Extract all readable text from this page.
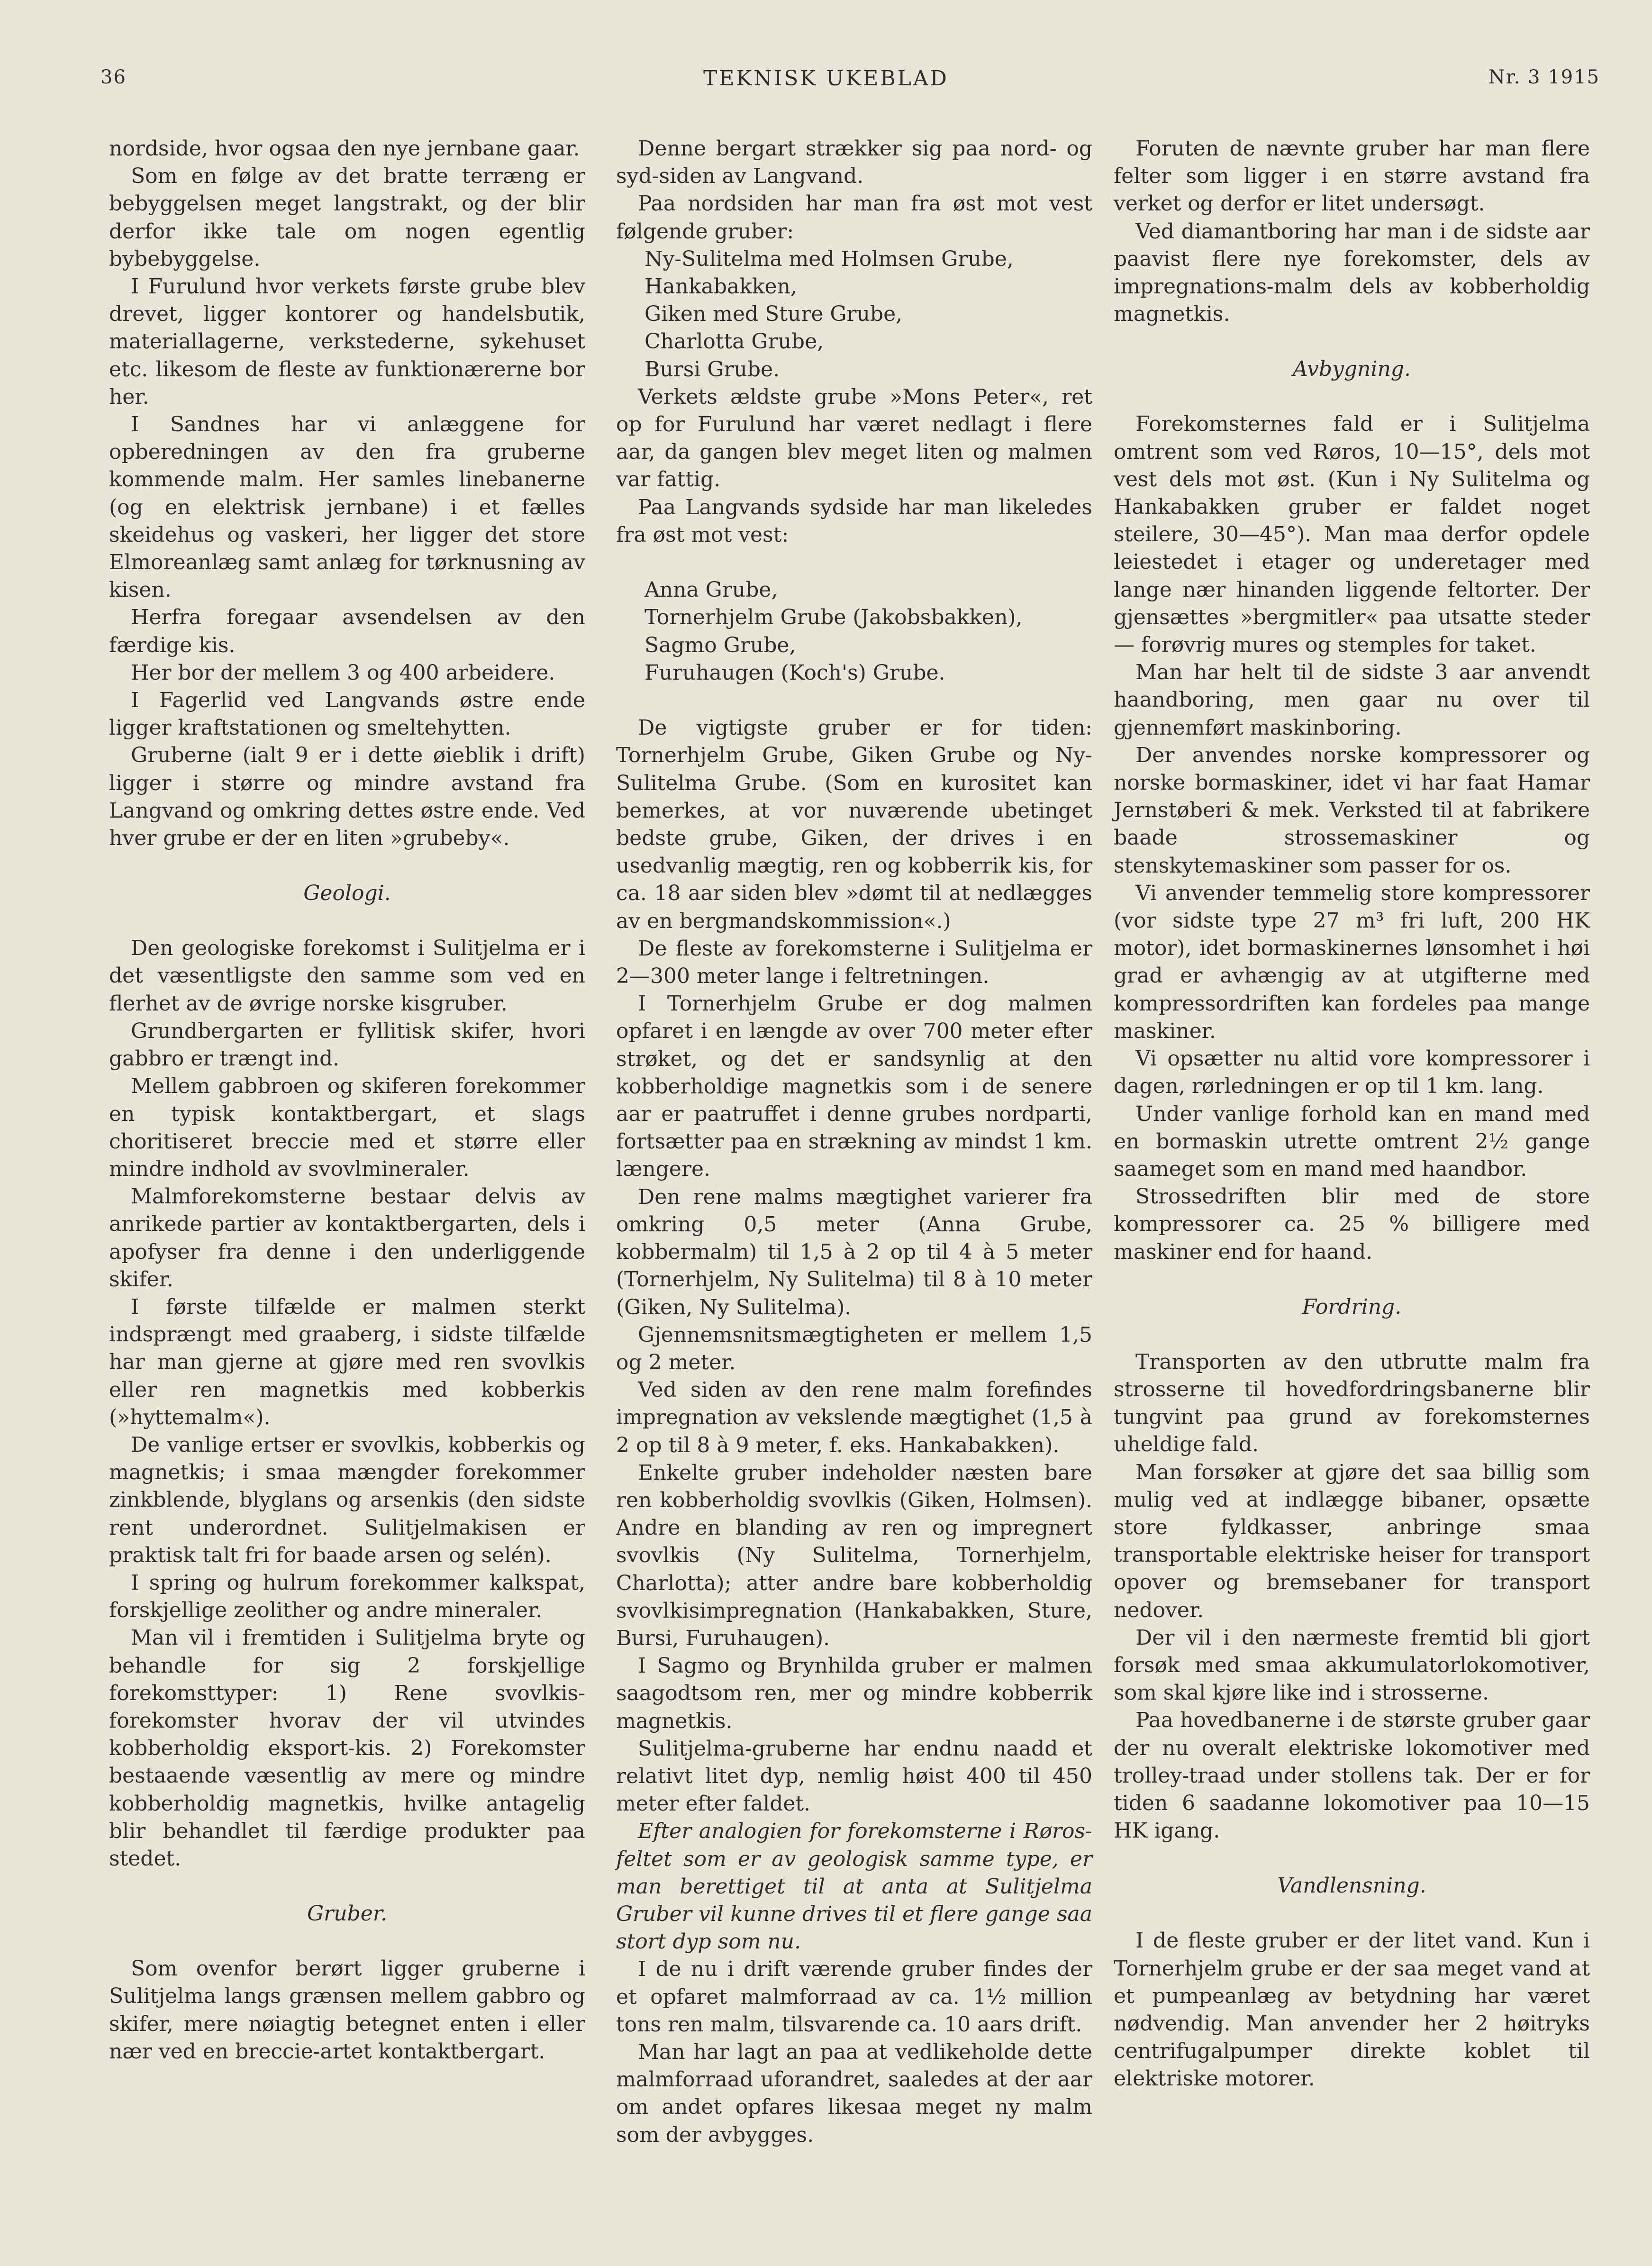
36	TEKNISK UKEBLAD	Nr. 3 1915

nordside, hvor ogsaa den nye jernbane gaar.

Som en følge av det bratte terræng er bebyggelsen meget langstrakt, og der blir derfor ikke tale om nogen egentlig bybebyggelse.

I Furulund hvor verkets første grube blev drevet, ligger kontorer og handelsbutik, materiallagerne, verkstederne, sykehuset etc. likesom de fleste av funktionærerne bor her.

I Sandnes har vi anlæggene for opberedningen av den fra gruberne kommende malm. Her samles linebanerne (og en elektrisk jernbane) i et fælles skeidehus og vaskeri, her ligger det store Elmoreanlæg samt anlæg for tørknusning av kisen.

Herfra foregaar avsendelsen av den færdige kis.

Her bor der mellem 3 og 400 arbeidere.

I Fagerlid ved Langvands østre ende ligger kraftstationen og smeltehytten.

Gruberne (ialt 9 er i dette øieblik i drift) ligger i større og mindre avstand fra Langvand og omkring dettes østre ende. Ved hver grube er der en liten »grubeby«.

Geologi.

Den geologiske forekomst i Sulitjelma er i det væsentligste den samme som ved en flerhet av de øvrige norske kisgruber.

Grundbergarten er fyllitisk skifer, hvori gabbro er trængt ind.

Mellem gabbroen og skiferen forekommer en typisk kontaktbergart, et slags choritiseret breccie med et større eller mindre indhold av svovlmineraler.

Malmforekomsterne bestaar delvis av anrikede partier av kontaktbergarten, dels i apofyser fra denne i den underliggende skifer.

I første tilfælde er malmen sterkt indsprængt med graaberg, i sidste tilfælde har man gjerne at gjøre med ren svovlkis eller ren magnetkis med kobberkis (»hyttemalm«).

De vanlige ertser er svovlkis, kobberkis og magnetkis; i smaa mængder forekommer zinkblende, blyglans og arsenkis (den sidste rent underordnet. Sulitjelmakisen er praktisk talt fri for baade arsen og selén).

I spring og hulrum forekommer kalkspat, forskjellige zeolither og andre mineraler.

Man vil i fremtiden i Sulitjelma bryte og behandle for sig 2 forskjellige forekomsttyper: 1) Rene svovlkis-forekomster hvorav der vil utvindes kobberholdig eksport-kis. 2) Forekomster bestaaende væsentlig av mere og mindre kobberholdig magnetkis, hvilke antagelig blir behandlet til færdige produkter paa stedet.

Gruber.

Som ovenfor berørt ligger gruberne i Sulitjelma langs grænsen mellem gabbro og skifer, mere nøiagtig betegnet enten i eller nær ved en breccie-artet kontaktbergart.

Denne bergart strækker sig paa nord- og syd-siden av Langvand.

Paa nordsiden har man fra øst mot vest følgende gruber:

Ny-Sulitelma med Holmsen Grube,
Hankabakken,
Giken med Sture Grube,
Charlotta Grube,
Bursi Grube.

Verkets ældste grube »Mons Peter«, ret op for Furulund har været nedlagt i flere aar, da gangen blev meget liten og malmen var fattig.

Paa Langvands sydside har man likeledes fra øst mot vest:

Anna Grube,
Tornerhjelm Grube (Jakobsbakken),
Sagmo Grube,
Furuhaugen (Koch's) Grube.

De vigtigste gruber er for tiden: Tornerhjelm Grube, Giken Grube og Ny-Sulitelma Grube. (Som en kurositet kan bemerkes, at vor nuværende ubetinget bedste grube, Giken, der drives i en usedvanlig mægtig, ren og kobberrik kis, for ca. 18 aar siden blev »dømt til at nedlægges av en bergmandskommission«.)

De fleste av forekomsterne i Sulitjelma er 2—300 meter lange i feltretningen.

I Tornerhjelm Grube er dog malmen opfaret i en længde av over 700 meter efter strøket, og det er sandsynlig at den kobberholdige magnetkis som i de senere aar er paatruffet i denne grubes nordparti, fortsætter paa en strækning av mindst 1 km. længere.

Den rene malms mægtighet varierer fra omkring 0,5 meter (Anna Grube, kobbermalm) til 1,5 à 2 op til 4 à 5 meter (Tornerhjelm, Ny Sulitelma) til 8 à 10 meter (Giken, Ny Sulitelma).

Gjennemsnitsmægtigheten er mellem 1,5 og 2 meter.

Ved siden av den rene malm forefindes impregnation av vekslende mægtighet (1,5 à 2 op til 8 à 9 meter, f. eks. Hankabakken).

Enkelte gruber indeholder næsten bare ren kobberholdig svovlkis (Giken, Holmsen). Andre en blanding av ren og impregnert svovlkis (Ny Sulitelma, Tornerhjelm, Charlotta); atter andre bare kobberholdig svovlkisimpregnation (Hankabakken, Sture, Bursi, Furuhaugen).

I Sagmo og Brynhilda gruber er malmen saagodtsom ren, mer og mindre kobberrik magnetkis.

Sulitjelma-gruberne har endnu naadd et relativt litet dyp, nemlig høist 400 til 450 meter efter faldet.

Efter analogien for forekomsterne i Røros-feltet som er av geologisk samme type, er man berettiget til at anta at Sulitjelma Gruber vil kunne drives til et flere gange saa stort dyp som nu.

I de nu i drift værende gruber findes der et opfaret malmforraad av ca. 1½ million tons ren malm, tilsvarende ca. 10 aars drift.

Man har lagt an paa at vedlikeholde dette malmforraad uforandret, saaledes at der aar om andet opfares likesaa meget ny malm som der avbygges.

Foruten de nævnte gruber har man flere felter som ligger i en større avstand fra verket og derfor er litet undersøgt.

Ved diamantboring har man i de sidste aar paavist flere nye forekomster, dels av impregnations-malm dels av kobberholdig magnetkis.

Avbygning.

Forekomsternes fald er i Sulitjelma omtrent som ved Røros, 10—15°, dels mot vest dels mot øst. (Kun i Ny Sulitelma og Hankabakken gruber er faldet noget steilere, 30—45°). Man maa derfor opdele leiestedet i etager og underetager med lange nær hinanden liggende feltorter. Der gjensættes »bergmitler« paa utsatte steder — forøvrig mures og stemples for taket.

Man har helt til de sidste 3 aar anvendt haandboring, men gaar nu over til gjennemført maskinboring.

Der anvendes norske kompressorer og norske bormaskiner, idet vi har faat Hamar Jernstøberi & mek. Verksted til at fabrikere baade strossemaskiner og stenskytemaskiner som passer for os.

Vi anvender temmelig store kompressorer (vor sidste type 27 m³ fri luft, 200 HK motor), idet bormaskinernes lønsomhet i høi grad er avhængig av at utgifterne med kompressordriften kan fordeles paa mange maskiner.

Vi opsætter nu altid vore kompressorer i dagen, rørledningen er op til 1 km. lang.

Under vanlige forhold kan en mand med en bormaskin utrette omtrent 2½ gange saameget som en mand med haandbor.

Strossedriften blir med de store kompressorer ca. 25 % billigere med maskiner end for haand.

Fordring.

Transporten av den utbrutte malm fra strosserne til hovedfordringsbanerne blir tungvint paa grund av forekomsternes uheldige fald.

Man forsøker at gjøre det saa billig som mulig ved at indlægge bibaner, opsætte store fyldkasser, anbringe smaa transportable elektriske heiser for transport opover og bremsebaner for transport nedover.

Der vil i den nærmeste fremtid bli gjort forsøk med smaa akkumulatorlokomotiver, som skal kjøre like ind i strosserne.

Paa hovedbanerne i de største gruber gaar der nu overalt elektriske lokomotiver med trolley-traad under stollens tak. Der er for tiden 6 saadanne lokomotiver paa 10—15 HK igang.

Vandlensning.

I de fleste gruber er der litet vand. Kun i Tornerhjelm grube er der saa meget vand at et pumpeanlæg av betydning har været nødvendig. Man anvender her 2 høitryks centrifugalpumper direkte koblet til elektriske motorer.
